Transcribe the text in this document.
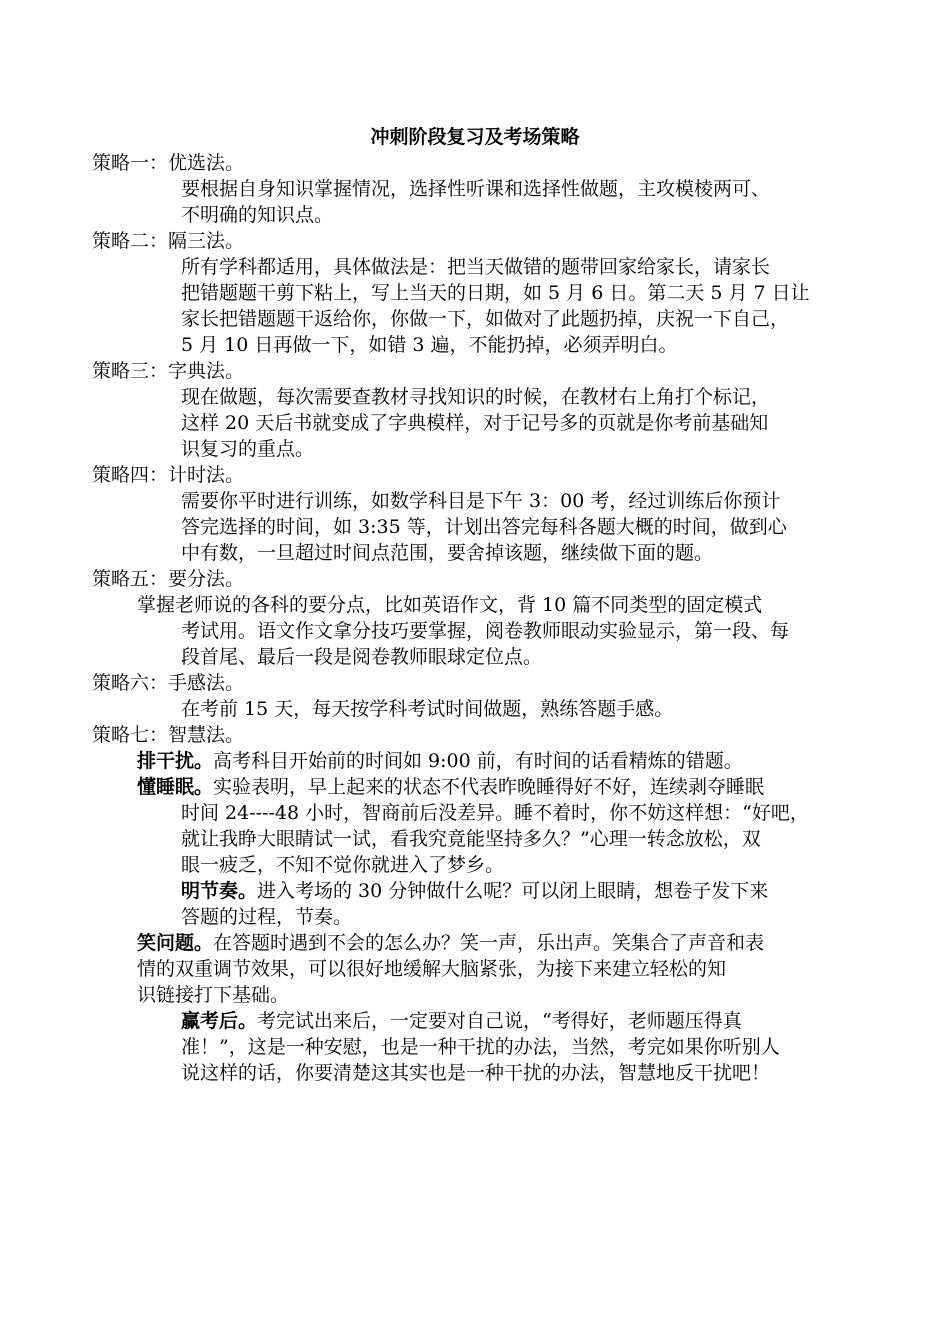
冲刺阶段复习及考场策略
策略一：优选法。
要根据自身知识掌握情况，选择性听课和选择性做题，主攻模棱两可、
不明确的知识点。
策略二：隔三法。
所有学科都适用，具体做法是：把当天做错的题带回家给家长，请家长
把错题题干剪下粘上，写上当天的日期，如 5 月 6 日。第二天 5 月 7 日让
家长把错题题干返给你，你做一下，如做对了此题扔掉，庆祝一下自己，
5 月 10 日再做一下，如错 3 遍，不能扔掉，必须弄明白。
策略三：字典法。
现在做题，每次需要查教材寻找知识的时候，在教材右上角打个标记，
这样 20 天后书就变成了字典模样，对于记号多的页就是你考前基础知
识复习的重点。
策略四：计时法。
需要你平时进行训练，如数学科目是下午 3：00 考，经过训练后你预计
答完选择的时间，如 3:35 等，计划出答完每科各题大概的时间，做到心
中有数，一旦超过时间点范围，要舍掉该题，继续做下面的题。
策略五：要分法。
掌握老师说的各科的要分点，比如英语作文，背 10 篇不同类型的固定模式
考试用。语文作文拿分技巧要掌握，阅卷教师眼动实验显示，第一段、每
段首尾、最后一段是阅卷教师眼球定位点。
策略六：手感法。
在考前 15 天，每天按学科考试时间做题，熟练答题手感。
策略七：智慧法。
排干扰。高考科目开始前的时间如 9:00 前，有时间的话看精炼的错题。
懂睡眠。实验表明，早上起来的状态不代表昨晚睡得好不好，连续剥夺睡眠
时间 24----48 小时，智商前后没差异。睡不着时，你不妨这样想：“好吧，
就让我睁大眼睛试一试，看我究竟能坚持多久？”心理一转念放松，双
眼一疲乏，不知不觉你就进入了梦乡。
明节奏。进入考场的 30 分钟做什么呢？可以闭上眼睛，想卷子发下来
答题的过程，节奏。
笑问题。在答题时遇到不会的怎么办？笑一声，乐出声。笑集合了声音和表
情的双重调节效果，可以很好地缓解大脑紧张，为接下来建立轻松的知
识链接打下基础。
赢考后。考完试出来后，一定要对自己说，“考得好，老师题压得真
准！”，这是一种安慰，也是一种干扰的办法，当然，考完如果你听别人
说这样的话，你要清楚这其实也是一种干扰的办法，智慧地反干扰吧！
